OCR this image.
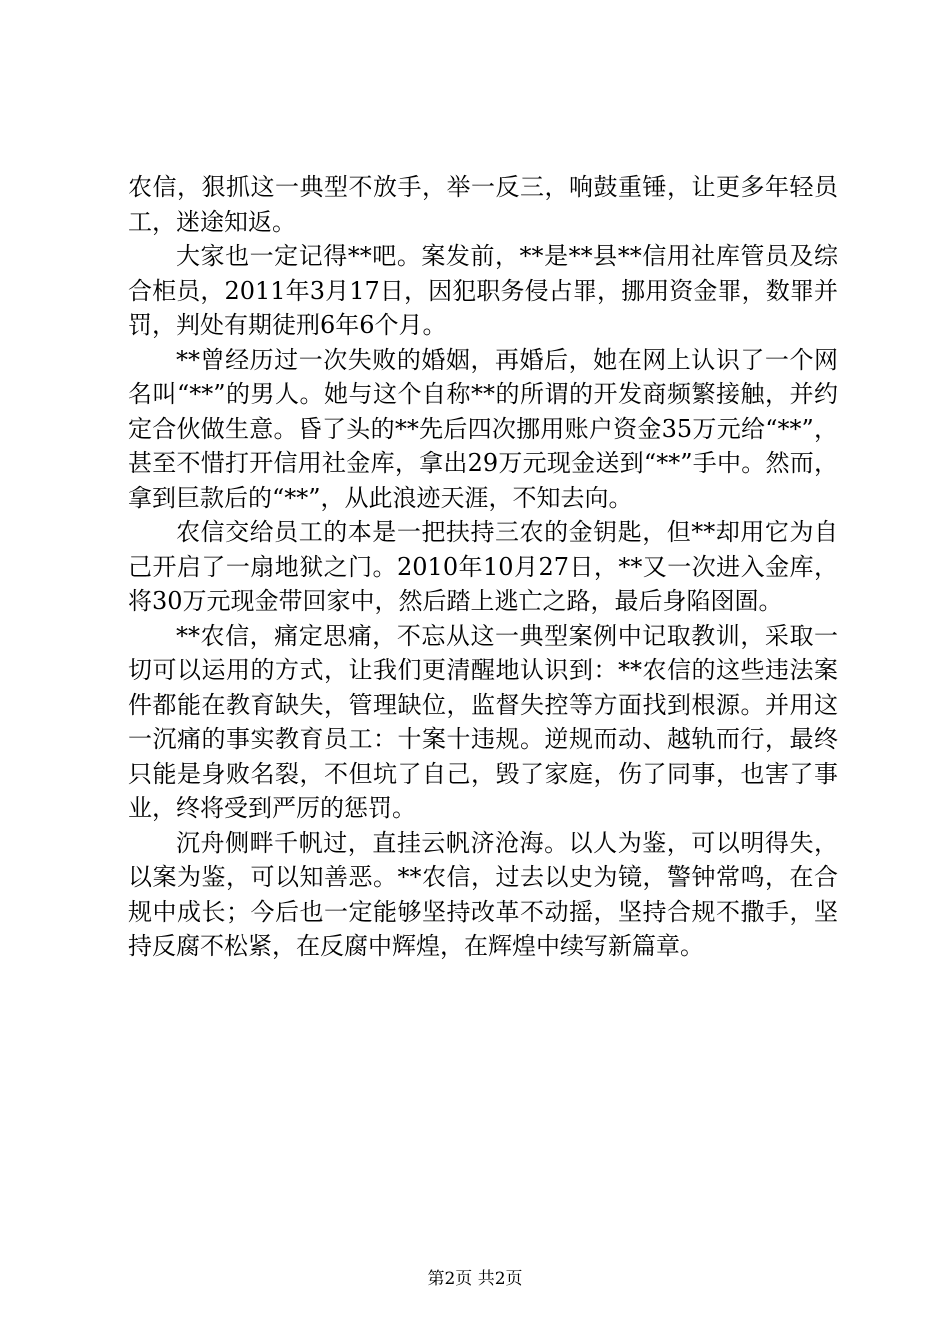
农信，狠抓这一典型不放手，举一反三，响鼓重锤，让更多年轻员工，迷途知返。

大家也一定记得**吧。案发前，**是**县**信用社库管员及综合柜员，2011年3月17日，因犯职务侵占罪，挪用资金罪，数罪并罚，判处有期徒刑6年6个月。

**曾经历过一次失败的婚姻，再婚后，她在网上认识了一个网名叫“**”的男人。她与这个自称**的所谓的开发商频繁接触，并约定合伙做生意。昏了头的**先后四次挪用账户资金35万元给“**”，甚至不惜打开信用社金库，拿出29万元现金送到“**”手中。然而，拿到巨款后的“**”，从此浪迹天涯，不知去向。

农信交给员工的本是一把扶持三农的金钥匙，但**却用它为自己开启了一扇地狱之门。2010年10月27日，**又一次进入金库，将30万元现金带回家中，然后踏上逃亡之路，最后身陷囹圄。

**农信，痛定思痛，不忘从这一典型案例中记取教训，采取一切可以运用的方式，让我们更清醒地认识到：**农信的这些违法案件都能在教育缺失，管理缺位，监督失控等方面找到根源。并用这一沉痛的事实教育员工：十案十违规。逆规而动、越轨而行，最终只能是身败名裂，不但坑了自己，毁了家庭，伤了同事，也害了事业，终将受到严厉的惩罚。

沉舟侧畔千帆过，直挂云帆济沧海。以人为鉴，可以明得失，以案为鉴，可以知善恶。**农信，过去以史为镜，警钟常鸣，在合规中成长；今后也一定能够坚持改革不动摇，坚持合规不撒手，坚持反腐不松紧，在反腐中辉煌，在辉煌中续写新篇章。

第2页 共2页
